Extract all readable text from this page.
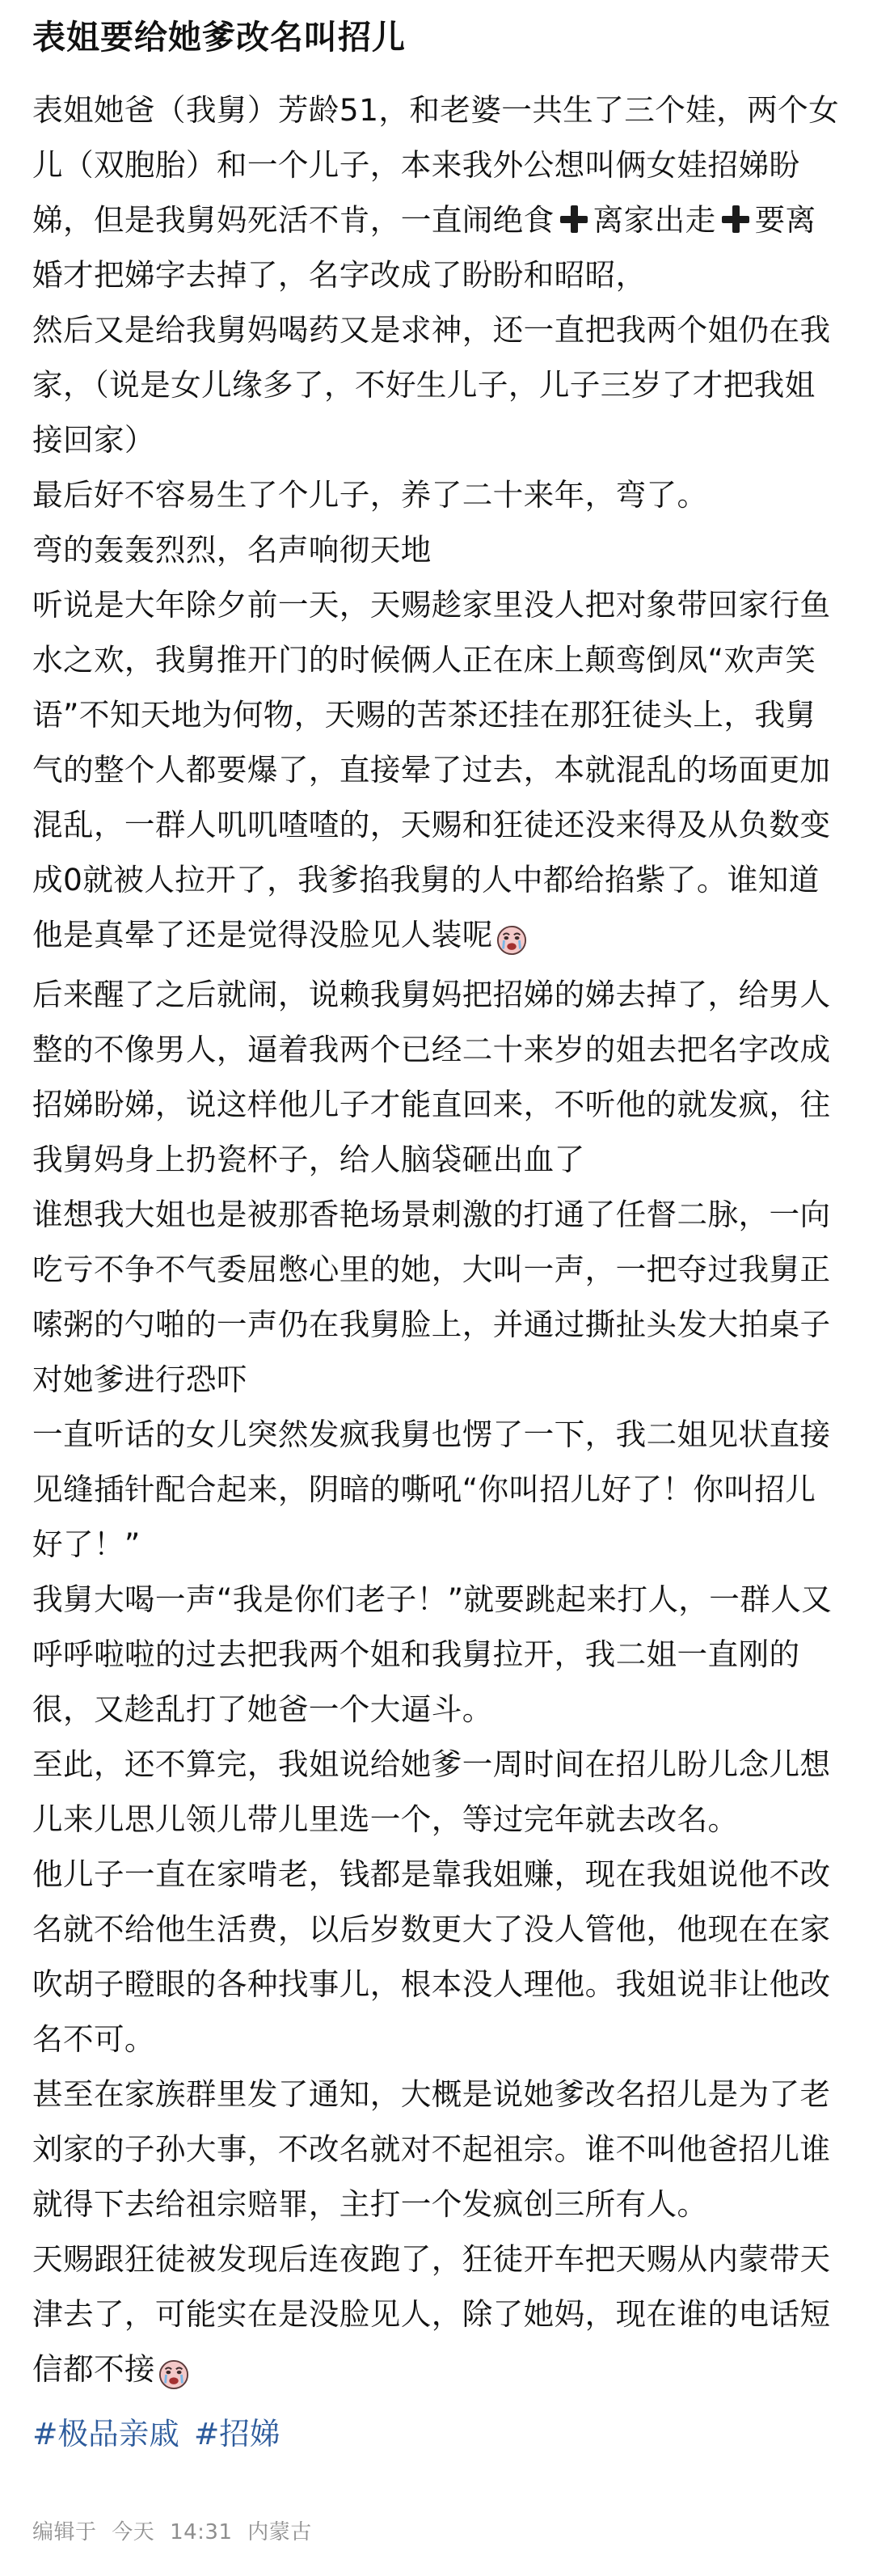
表姐要给她爹改名叫招儿

表姐她爸（我舅）芳龄51，和老婆一共生了三个娃，两个女儿（双胞胎）和一个儿子，本来我外公想叫俩女娃招娣盼娣，但是我舅妈死活不肯，一直闹绝食 离家出走 要离婚才把娣字去掉了，名字改成了盼盼和昭昭，

然后又是给我舅妈喝药又是求神，还一直把我两个姐仍在我家，（说是女儿缘多了，不好生儿子，儿子三岁了才把我姐接回家）

最后好不容易生了个儿子，养了二十来年，弯了。

弯的轰轰烈烈，名声响彻天地

听说是大年除夕前一天，天赐趁家里没人把对象带回家行鱼水之欢，我舅推开门的时候俩人正在床上颠鸾倒凤“欢声笑语”不知天地为何物，天赐的苦茶还挂在那狂徒头上，我舅气的整个人都要爆了，直接晕了过去，本就混乱的场面更加混乱，一群人叽叽喳喳的，天赐和狂徒还没来得及从负数变成0就被人拉开了，我爹掐我舅的人中都给掐紫了。谁知道他是真晕了还是觉得没脸见人装呢

后来醒了之后就闹，说赖我舅妈把招娣的娣去掉了，给男人整的不像男人，逼着我两个已经二十来岁的姐去把名字改成招娣盼娣，说这样他儿子才能直回来，不听他的就发疯，往我舅妈身上扔瓷杯子，给人脑袋砸出血了

谁想我大姐也是被那香艳场景刺激的打通了任督二脉，一向吃亏不争不气委屈憋心里的她，大叫一声，一把夺过我舅正嗦粥的勺啪的一声仍在我舅脸上，并通过撕扯头发大拍桌子对她爹进行恐吓

一直听话的女儿突然发疯我舅也愣了一下，我二姐见状直接见缝插针配合起来，阴暗的嘶吼“你叫招儿好了！你叫招儿好了！”

我舅大喝一声“我是你们老子！”就要跳起来打人，一群人又呼呼啦啦的过去把我两个姐和我舅拉开，我二姐一直刚的很，又趁乱打了她爸一个大逼斗。

至此，还不算完，我姐说给她爹一周时间在招儿盼儿念儿想儿来儿思儿领儿带儿里选一个，等过完年就去改名。

他儿子一直在家啃老，钱都是靠我姐赚，现在我姐说他不改名就不给他生活费，以后岁数更大了没人管他，他现在在家吹胡子瞪眼的各种找事儿，根本没人理他。我姐说非让他改名不可。

甚至在家族群里发了通知，大概是说她爹改名招儿是为了老刘家的子孙大事，不改名就对不起祖宗。谁不叫他爸招儿谁就得下去给祖宗赔罪，主打一个发疯创三所有人。

天赐跟狂徒被发现后连夜跑了，狂徒开车把天赐从内蒙带天津去了，可能实在是没脸见人，除了她妈，现在谁的电话短信都不接

#极品亲戚 #招娣
编辑于 今天 14:31 内蒙古
